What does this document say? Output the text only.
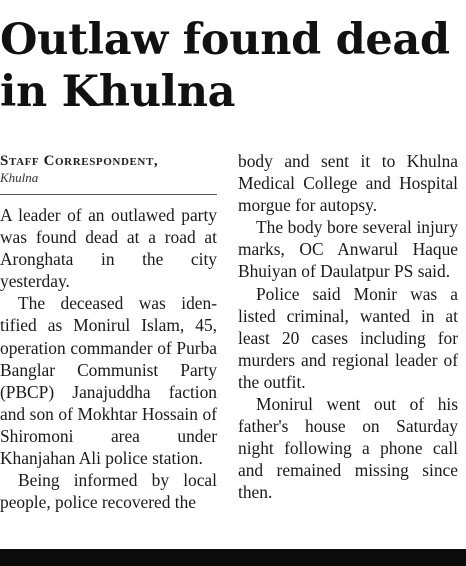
Outlaw found dead
in Khulna
Staff Correspondent,
Khulna

A leader of an outlawed party was found dead at a road at Aronghata in the city yesterday.

The deceased was iden-tified as Monirul Islam, 45, operation commander of Purba Banglar Communist Party (PBCP) Janajuddha faction and son of Mokhtar Hossain of Shiromoni area under Khanjahan Ali police station.

Being informed by local people, police recovered the

body and sent it to Khulna Medical College and Hospital morgue for autopsy.

The body bore several injury marks, OC Anwarul Haque Bhuiyan of Daulatpur PS said.

Police said Monir was a listed criminal, wanted in at least 20 cases including for murders and regional leader of the outfit.

Monirul went out of his father's house on Saturday night following a phone call and remained missing since then.
